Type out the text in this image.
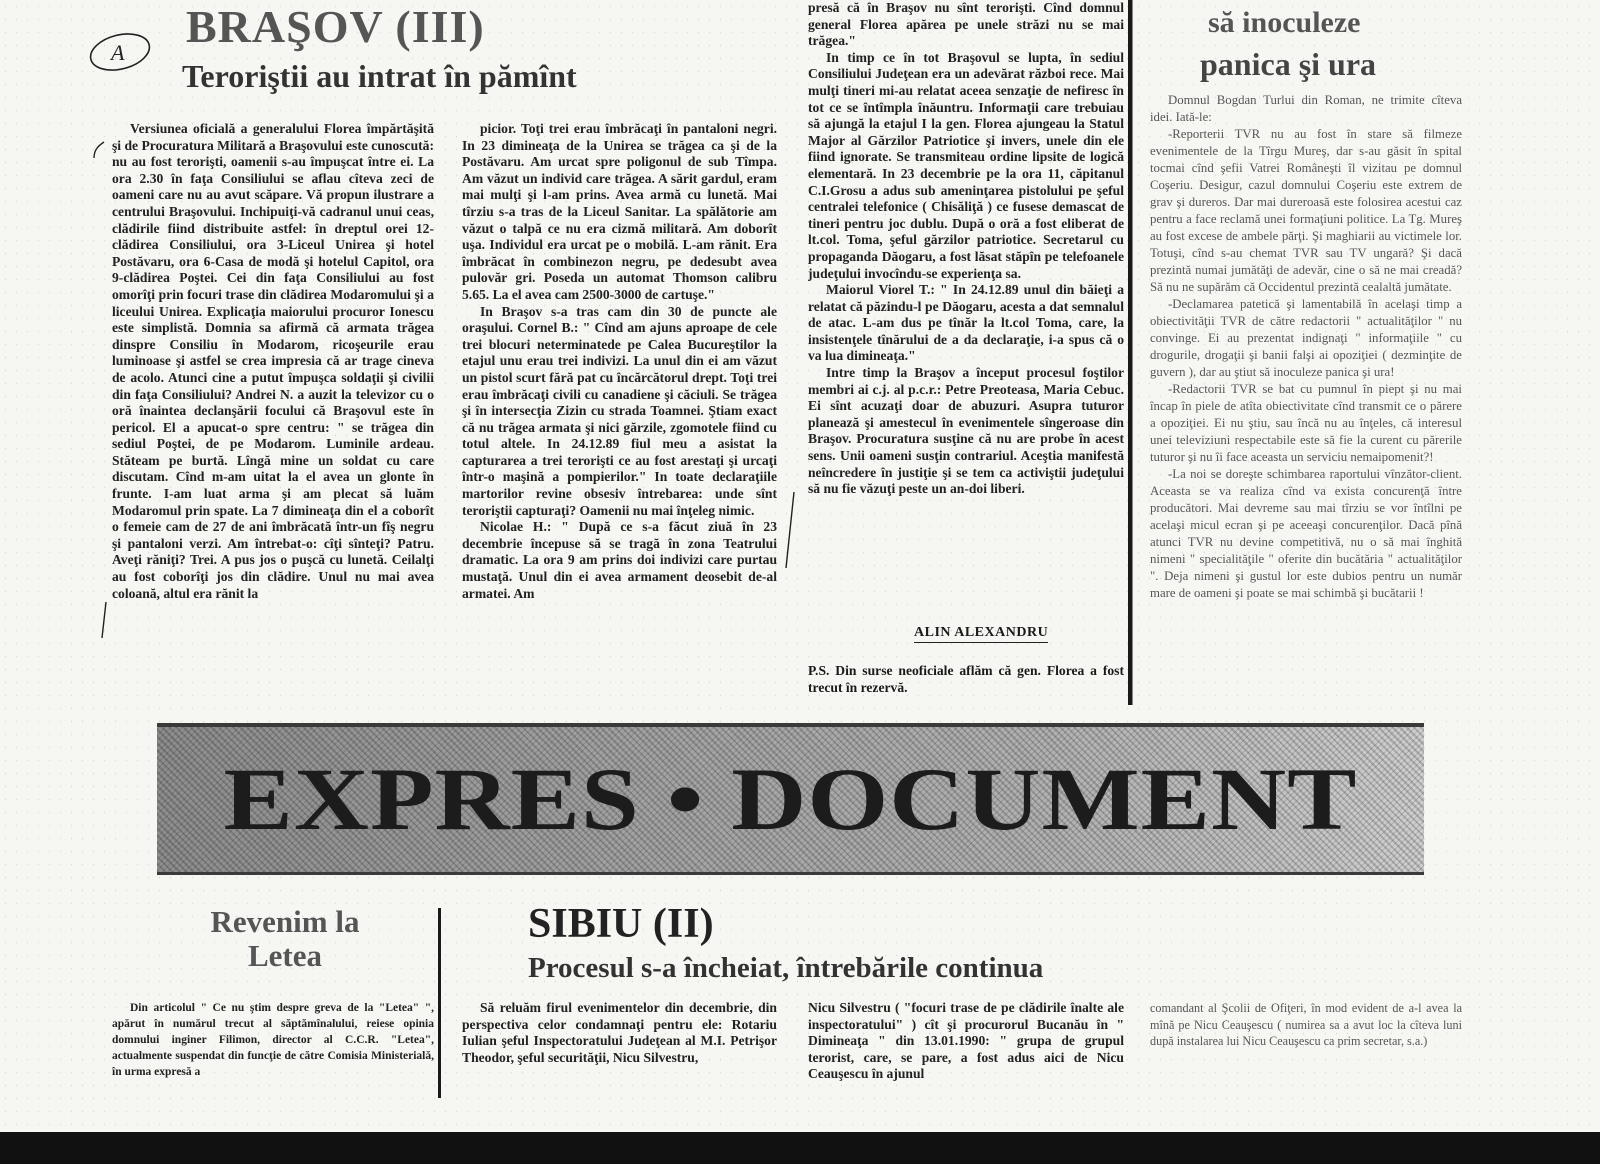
A
BRAŞOV (III)
Teroriştii au intrat în pămînt

Versiunea oficială a generalului Florea împărtăşită şi de Procuratura Militară a Braşovului este cunoscută: nu au fost terorişti, oamenii s-au împuşcat între ei. La ora 2.30 în faţa Consiliului se aflau cîteva zeci de oameni care nu au avut scăpare. Vă propun ilustrare a centrului Braşovului. Inchipuiţi-vă cadranul unui ceas, clădirile fiind distribuite astfel: în dreptul orei 12-clădirea Consiliului, ora 3-Liceul Unirea şi hotel Postăvaru, ora 6-Casa de modă şi hotelul Capitol, ora 9-clădirea Poştei. Cei din faţa Consiliului au fost omorîţi prin focuri trase din clădirea Modaromului şi a liceului Unirea. Explicaţia maiorului procuror Ionescu este simplistă. Domnia sa afirmă că armata trăgea dinspre Consiliu în Modarom, ricoşeurile erau luminoase şi astfel se crea impresia că ar trage cineva de acolo. Atunci cine a putut împuşca soldaţii şi civilii din faţa Consiliului? Andrei N. a auzit la televizor cu o oră înaintea declanşării focului că Braşovul este în pericol. El a apucat-o spre centru: " se trăgea din sediul Poştei, de pe Modarom. Luminile ardeau. Stăteam pe burtă. Lîngă mine un soldat cu care discutam. Cînd m-am uitat la el avea un glonte în frunte. I-am luat arma şi am plecat să luăm Modaromul prin spate. La 7 dimineaţa din el a coborît o femeie cam de 27 de ani îmbrăcată într-un fîş negru şi pantaloni verzi. Am întrebat-o: cîţi sînteţi? Patru. Aveţi răniţi? Trei. A pus jos o puşcă cu lunetă. Ceilalţi au fost coborîţi jos din clădire. Unul nu mai avea coloană, altul era rănit la

picior. Toţi trei erau îmbrăcaţi în pantaloni negri. In 23 dimineaţa de la Unirea se trăgea ca şi de la Postăvaru. Am urcat spre poligonul de sub Tîmpa. Am văzut un individ care trăgea. A sărit gardul, eram mai mulţi şi l-am prins. Avea armă cu lunetă. Mai tîrziu s-a tras de la Liceul Sanitar. La spălătorie am văzut o talpă ce nu era cizmă militară. Am doborît uşa. Individul era urcat pe o mobilă. L-am rănit. Era îmbrăcat în combinezon negru, pe dedesubt avea pulovăr gri. Poseda un automat Thomson calibru 5.65. La el avea cam 2500-3000 de cartuşe."

In Braşov s-a tras cam din 30 de puncte ale oraşului. Cornel B.: " Cînd am ajuns aproape de cele trei blocuri neterminatede pe Calea Bucureştilor la etajul unu erau trei indivizi. La unul din ei am văzut un pistol scurt fără pat cu încărcătorul drept. Toţi trei erau îmbrăcaţi civili cu canadiene şi căciuli. Se trăgea şi în intersecţia Zizin cu strada Toamnei. Ştiam exact că nu trăgea armata şi nici gărzile, zgomotele fiind cu totul altele. In 24.12.89 fiul meu a asistat la capturarea a trei terorişti ce au fost arestaţi şi urcaţi într-o maşină a pompierilor." In toate declaraţiile martorilor revine obsesiv întrebarea: unde sînt teroriştii capturaţi? Oamenii nu mai înţeleg nimic.

Nicolae H.: " După ce s-a făcut ziuă în 23 decembrie începuse să se tragă în zona Teatrului dramatic. La ora 9 am prins doi indivizi care purtau mustaţă. Unul din ei avea armament deosebit de-al armatei. Am

presă că în Braşov nu sînt terorişti. Cînd domnul general Florea apărea pe unele străzi nu se mai trăgea."

In timp ce în tot Braşovul se lupta, în sediul Consiliului Judeţean era un adevărat război rece. Mai mulţi tineri mi-au relatat aceea senzaţie de nefiresc în tot ce se întîmpla înăuntru. Informaţii care trebuiau să ajungă la etajul I la gen. Florea ajungeau la Statul Major al Gărzilor Patriotice şi invers, unele din ele fiind ignorate. Se transmiteau ordine lipsite de logică elementară. In 23 decembrie pe la ora 11, căpitanul C.I.Grosu a adus sub ameninţarea pistolului pe şeful centralei telefonice ( Chisăliţă ) ce fusese demascat de tineri pentru joc dublu. După o oră a fost eliberat de lt.col. Toma, şeful gărzilor patriotice. Secretarul cu propaganda Dăogaru, a fost lăsat stăpîn pe telefoanele judeţului invocîndu-se experienţa sa.

Maiorul Viorel T.: " In 24.12.89 unul din băieţi a relatat că păzindu-l pe Dăogaru, acesta a dat semnalul de atac. L-am dus pe tînăr la lt.col Toma, care, la insistenţele tînărului de a da declaraţie, i-a spus că o va lua dimineaţa."

Intre timp la Braşov a început procesul foştilor membri ai c.j. al p.c.r.: Petre Preoteasa, Maria Cebuc. Ei sînt acuzaţi doar de abuzuri. Asupra tuturor planează şi amestecul în evenimentele sîngeroase din Braşov. Procuratura susţine că nu are probe în acest sens. Unii oameni susţin contrariul. Aceştia manifestă neîncredere în justiţie şi se tem ca activiştii judeţului să nu fie văzuţi peste un an-doi liberi.

ALIN ALEXANDRU

P.S. Din surse neoficiale aflăm că gen. Florea a fost trecut în rezervă.

să inoculeze
panica şi ura

Domnul Bogdan Turlui din Roman, ne trimite cîteva idei. Iată-le:

-Reporterii TVR nu au fost în stare să filmeze evenimentele de la Tîrgu Mureş, dar s-au găsit în spital tocmai cînd şefii Vatrei Româneşti îl vizitau pe domnul Coşeriu. Desigur, cazul domnului Coşeriu este extrem de grav şi dureros. Dar mai dureroasă este folosirea acestui caz pentru a face reclamă unei formaţiuni politice. La Tg. Mureş au fost excese de ambele părţi. Şi maghiarii au victimele lor. Totuşi, cînd s-au chemat TVR sau TV ungară? Şi dacă prezintă numai jumătăţi de adevăr, cine o să ne mai creadă? Să nu ne supărăm că Occidentul prezintă cealaltă jumătate.

-Declamarea patetică şi lamentabilă în acelaşi timp a obiectivităţii TVR de către redactorii " actualităţilor " nu convinge. Ei au prezentat indignaţi " informaţiile " cu drogurile, drogaţii şi banii falşi ai opoziţiei ( dezminţite de guvern ), dar au ştiut să inoculeze panica şi ura!

-Redactorii TVR se bat cu pumnul în piept şi nu mai încap în piele de atîta obiectivitate cînd transmit ce o părere a opoziţiei. Ei nu ştiu, sau încă nu au înţeles, că interesul unei televiziuni respectabile este să fie la curent cu părerile tuturor şi nu îi face aceasta un serviciu nemaipomenit?!

-La noi se doreşte schimbarea raportului vînzător-client. Aceasta se va realiza cînd va exista concurenţă între producători. Mai devreme sau mai tîrziu se vor întîlni pe acelaşi micul ecran şi pe aceeaşi concurenţilor. Dacă pînă atunci TVR nu devine competitivă, nu o să mai înghită nimeni " specialităţile " oferite din bucătăria " actualităţilor ". Deja nimeni şi gustul lor este dubios pentru un număr mare de oameni şi poate se mai schimbă şi bucătarii !

EXPRES • DOCUMENT
Revenim la Letea
SIBIU (II)
Procesul s-a încheiat, întrebările continua

Din articolul " Ce nu ştim despre greva de la "Letea" ", apărut în numărul trecut al săptămînalului, reiese opinia domnului inginer Filimon, director al C.C.R. "Letea", actualmente suspendat din funcţie de către Comisia Ministerială, în urma expresă a

Să reluăm firul evenimentelor din decembrie, din perspectiva celor condamnaţi pentru ele: Rotariu Iulian şeful Inspectoratului Judeţean al M.I. Petrişor Theodor, şeful securităţii, Nicu Silvestru,

Nicu Silvestru ( "focuri trase de pe clădirile înalte ale inspectoratului" ) cît şi procurorul Bucanău în " Dimineaţa " din 13.01.1990: " grupa de grupul terorist, care, se pare, a fost adus aici de Nicu Ceauşescu în ajunul

comandant al Şcolii de Ofiţeri, în mod evident de a-l avea la mînă pe Nicu Ceauşescu ( numirea sa a avut loc la cîteva luni după instalarea lui Nicu Ceauşescu ca prim secretar, s.a.)
